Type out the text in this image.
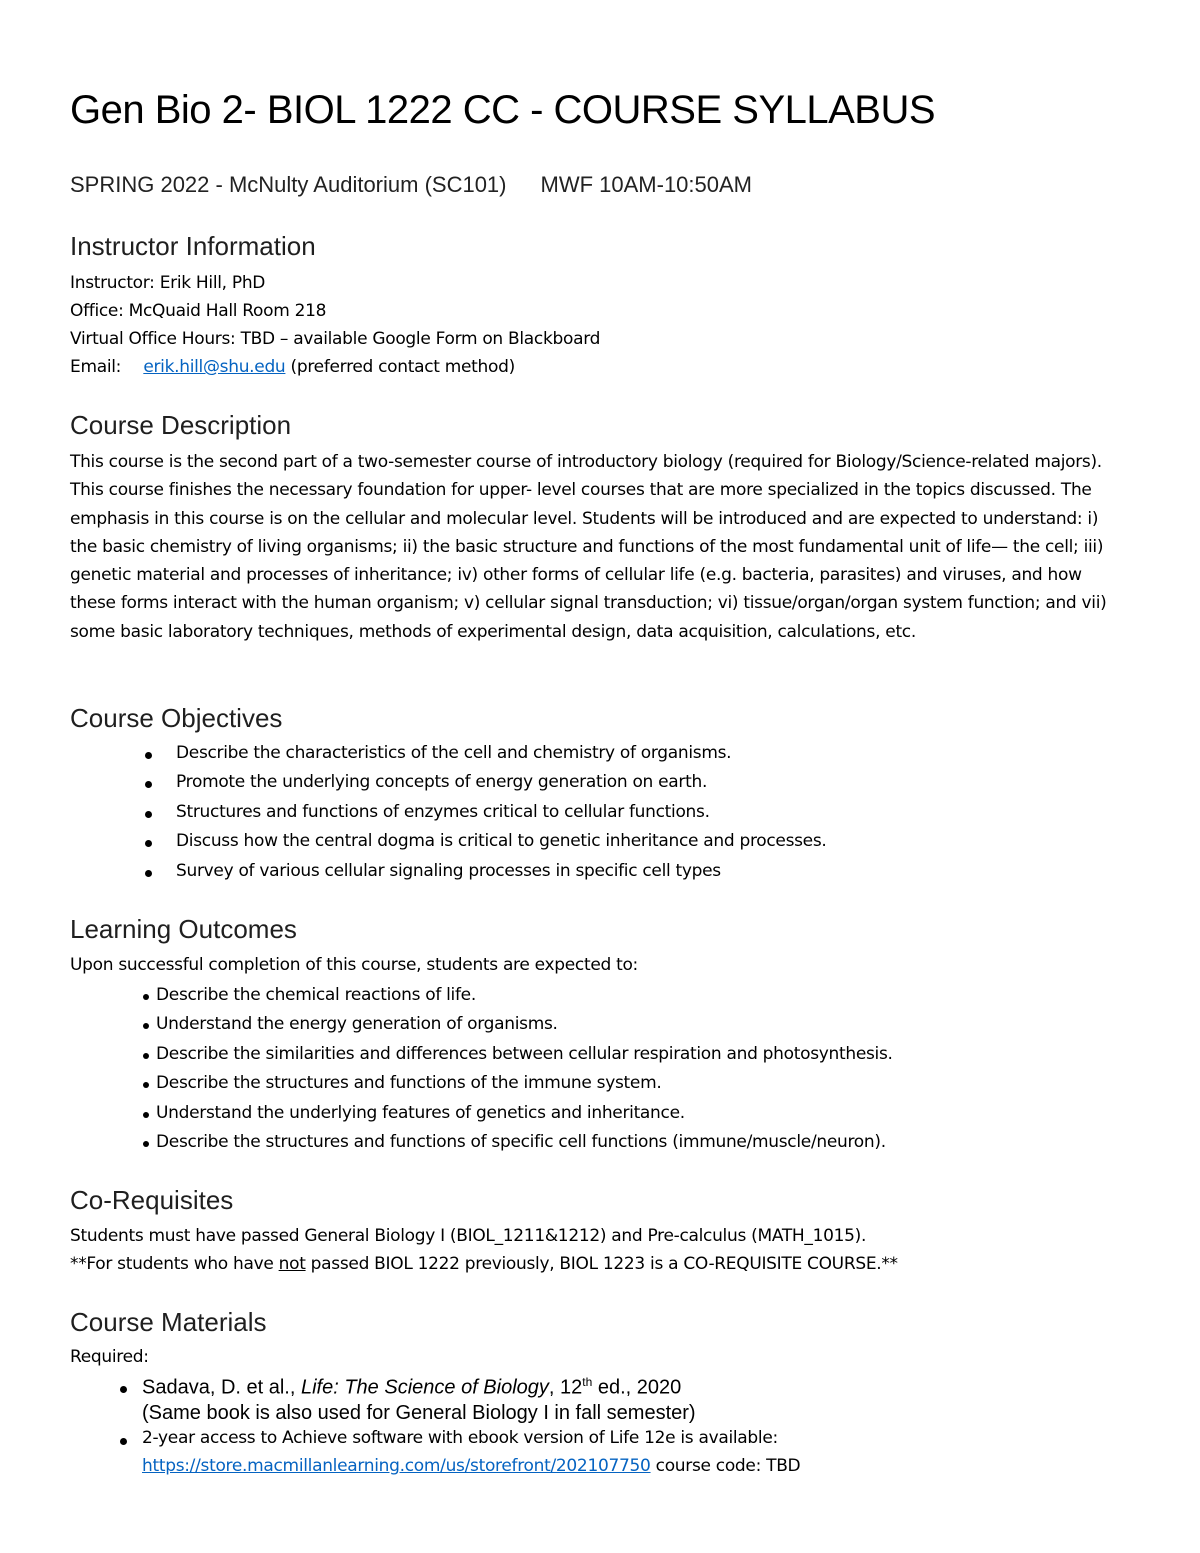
Gen Bio 2- BIOL 1222 CC - COURSE SYLLABUS
SPRING 2022 - McNulty Auditorium (SC101) MWF 10AM-10:50AM
Instructor Information
Instructor: Erik Hill, PhD
Office: McQuaid Hall Room 218
Virtual Office Hours: TBD – available Google Form on Blackboard
Email: erik.hill@shu.edu (preferred contact method)
Course Description
This course is the second part of a two-semester course of introductory biology (required for Biology/Science-related majors). This course finishes the necessary foundation for upper- level courses that are more specialized in the topics discussed. The emphasis in this course is on the cellular and molecular level. Students will be introduced and are expected to understand: i) the basic chemistry of living organisms; ii) the basic structure and functions of the most fundamental unit of life— the cell; iii) genetic material and processes of inheritance; iv) other forms of cellular life (e.g. bacteria, parasites) and viruses, and how these forms interact with the human organism; v) cellular signal transduction; vi) tissue/organ/organ system function; and vii) some basic laboratory techniques, methods of experimental design, data acquisition, calculations, etc.
Course Objectives
Describe the characteristics of the cell and chemistry of organisms.
Promote the underlying concepts of energy generation on earth.
Structures and functions of enzymes critical to cellular functions.
Discuss how the central dogma is critical to genetic inheritance and processes.
Survey of various cellular signaling processes in specific cell types
Learning Outcomes
Upon successful completion of this course, students are expected to:
Describe the chemical reactions of life.
Understand the energy generation of organisms.
Describe the similarities and differences between cellular respiration and photosynthesis.
Describe the structures and functions of the immune system.
Understand the underlying features of genetics and inheritance.
Describe the structures and functions of specific cell functions (immune/muscle/neuron).
Co-Requisites
Students must have passed General Biology I (BIOL_1211&1212) and Pre-calculus (MATH_1015).
**For students who have not passed BIOL 1222 previously, BIOL 1223 is a CO-REQUISITE COURSE.**
Course Materials
Required:
Sadava, D. et al., Life: The Science of Biology, 12th ed., 2020
(Same book is also used for General Biology I in fall semester)
2-year access to Achieve software with ebook version of Life 12e is available:
https://store.macmillanlearning.com/us/storefront/202107750 course code: TBD
